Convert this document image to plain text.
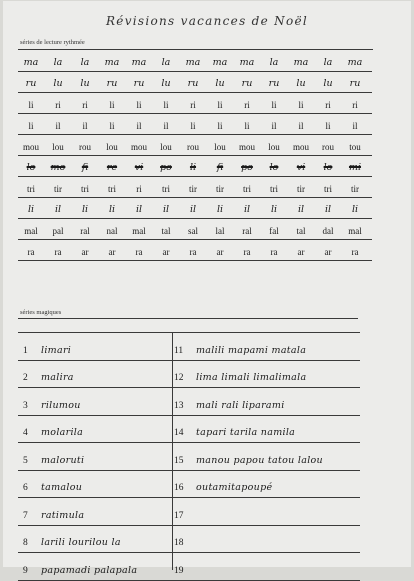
Révisions vacances de Noël
séries de lecture rythmée
ma	la	la	ma	ma	la	ma	ma	ma	la	ma	la	ma
ru	lu	lu	ru	ru	lu	ru	lu	ru	ru	lu	lu	ru
li	ri	ri	li	li	li	ri	li	ri	li	li	ri	ri
li	il	il	li	il	il	li	li	li	il	il	li	il
mou	lou	rou	lou	mou	lou	rou	lou	mou	lou	mou	rou	tou
lo	mo	fi	re	vi	po	li	fi	po	lo	vi	lo	mi
tri	tir	tri	tri	ri	tri	tir	tir	tri	tri	tir	tri	tir
li	il	li	li	il	il	il	li	il	li	il	il	li
mal	pal	ral	nal	mal	tal	sal	lal	ral	fal	tal	dal	mal
ra	ra	ar	ar	ra	ar	ra	ar	ra	ra	ar	ar	ra
séries magiques
1	limari	11	malili mapami matala
2	malira	12	lima limali limalimala
3	rilumou	13	mali rali liparami
4	molarila	14	tapari tarila namila
5	maloruti	15	manou papou tatou lalou
6	tamalou	16	outamitapoupé
7	ratimula	17
8	larili lourilou la	18
9	papamadi palapala	19
